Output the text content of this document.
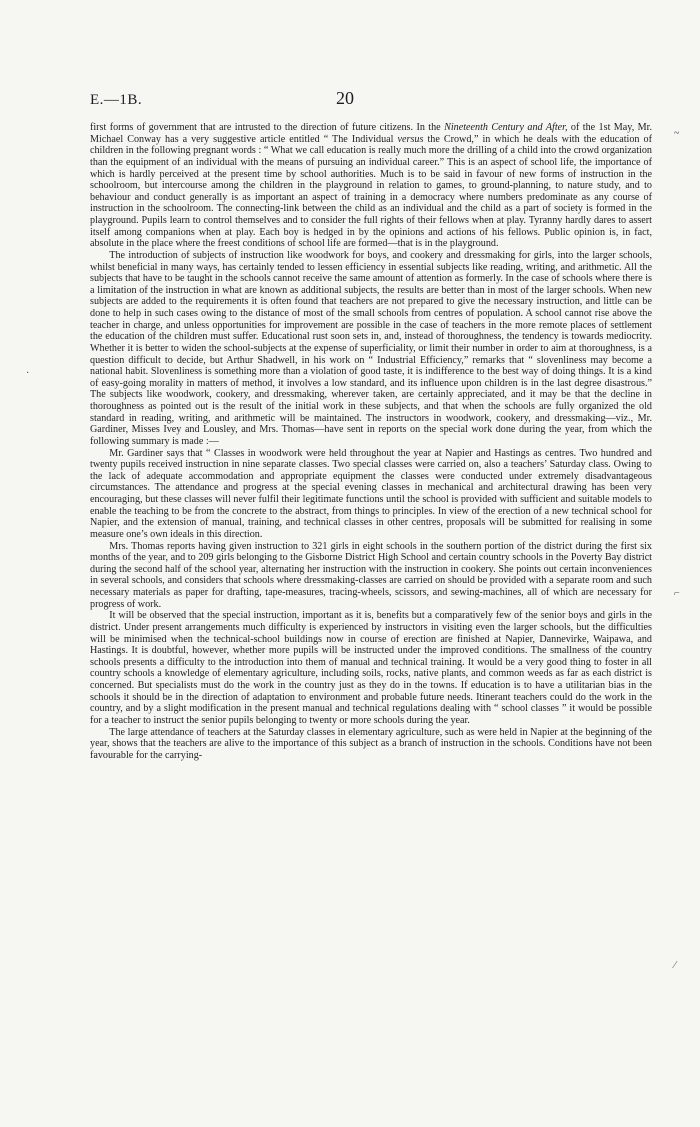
E.—1B.	20

first forms of government that are intrusted to the direction of future citizens. In the Nineteenth Century and After, of the 1st May, Mr. Michael Conway has a very suggestive article entitled “ The Individual versus the Crowd,” in which he deals with the education of children in the following pregnant words : “ What we call education is really much more the drilling of a child into the crowd organization than the equipment of an individual with the means of pursuing an individual career.” This is an aspect of school life, the importance of which is hardly perceived at the present time by school authorities. Much is to be said in favour of new forms of instruction in the schoolroom, but intercourse among the children in the playground in relation to games, to ground-planning, to nature study, and to behaviour and conduct generally is as important an aspect of training in a democracy where numbers predominate as any course of instruction in the schoolroom. The connecting-link between the child as an individual and the child as a part of society is formed in the playground. Pupils learn to control themselves and to consider the full rights of their fellows when at play. Tyranny hardly dares to assert itself among companions when at play. Each boy is hedged in by the opinions and actions of his fellows. Public opinion is, in fact, absolute in the place where the freest conditions of school life are formed—that is in the playground.

The introduction of subjects of instruction like woodwork for boys, and cookery and dressmaking for girls, into the larger schools, whilst beneficial in many ways, has certainly tended to lessen efficiency in essential subjects like reading, writing, and arithmetic. All the subjects that have to be taught in the schools cannot receive the same amount of attention as formerly. In the case of schools where there is a limitation of the instruction in what are known as additional subjects, the results are better than in most of the larger schools. When new subjects are added to the requirements it is often found that teachers are not prepared to give the necessary instruction, and little can be done to help in such cases owing to the distance of most of the small schools from centres of population. A school cannot rise above the teacher in charge, and unless opportunities for improvement are possible in the case of teachers in the more remote places of settlement the education of the children must suffer. Educational rust soon sets in, and, instead of thoroughness, the tendency is towards mediocrity. Whether it is better to widen the school-subjects at the expense of superficiality, or limit their number in order to aim at thoroughness, is a question difficult to decide, but Arthur Shadwell, in his work on “ Industrial Efficiency,” remarks that “ slovenliness may become a national habit. Slovenliness is something more than a violation of good taste, it is indifference to the best way of doing things. It is a kind of easy-going morality in matters of method, it involves a low standard, and its influence upon children is in the last degree disastrous.” The subjects like woodwork, cookery, and dressmaking, wherever taken, are certainly appreciated, and it may be that the decline in thoroughness as pointed out is the result of the initial work in these subjects, and that when the schools are fully organized the old standard in reading, writing, and arithmetic will be maintained. The instructors in woodwork, cookery, and dressmaking—viz., Mr. Gardiner, Misses Ivey and Lousley, and Mrs. Thomas—have sent in reports on the special work done during the year, from which the following summary is made :—

Mr. Gardiner says that “ Classes in woodwork were held throughout the year at Napier and Hastings as centres. Two hundred and twenty pupils received instruction in nine separate classes. Two special classes were carried on, also a teachers’ Saturday class. Owing to the lack of adequate accommodation and appropriate equipment the classes were conducted under extremely disadvantageous circumstances. The attendance and progress at the special evening classes in mechanical and architectural drawing has been very encouraging, but these classes will never fulfil their legitimate functions until the school is provided with sufficient and suitable models to enable the teaching to be from the concrete to the abstract, from things to principles. In view of the erection of a new technical school for Napier, and the extension of manual, training, and technical classes in other centres, proposals will be submitted for realising in some measure one’s own ideals in this direction.

Mrs. Thomas reports having given instruction to 321 girls in eight schools in the southern portion of the district during the first six months of the year, and to 209 girls belonging to the Gisborne District High School and certain country schools in the Poverty Bay district during the second half of the school year, alternating her instruction with the instruction in cookery. She points out certain inconveniences in several schools, and considers that schools where dressmaking-classes are carried on should be provided with a separate room and such necessary materials as paper for drafting, tape-measures, tracing-wheels, scissors, and sewing-machines, all of which are necessary for progress of work.

It will be observed that the special instruction, important as it is, benefits but a comparatively few of the senior boys and girls in the district. Under present arrangements much difficulty is experienced by instructors in visiting even the larger schools, but the difficulties will be minimised when the technical-school buildings now in course of erection are finished at Napier, Dannevirke, Waipawa, and Hastings. It is doubtful, however, whether more pupils will be instructed under the improved conditions. The smallness of the country schools presents a difficulty to the introduction into them of manual and technical training. It would be a very good thing to foster in all country schools a knowledge of elementary agriculture, including soils, rocks, native plants, and common weeds as far as each district is concerned. But specialists must do the work in the country just as they do in the towns. If education is to have a utilitarian bias in the schools it should be in the direction of adaptation to environment and probable future needs. Itinerant teachers could do the work in the country, and by a slight modification in the present manual and technical regulations dealing with “ school classes ” it would be possible for a teacher to instruct the senior pupils belonging to twenty or more schools during the year.

The large attendance of teachers at the Saturday classes in elementary agriculture, such as were held in Napier at the beginning of the year, shows that the teachers are alive to the importance of this subject as a branch of instruction in the schools. Conditions have not been favourable for the carrying-

~
·
⌐
⁄
